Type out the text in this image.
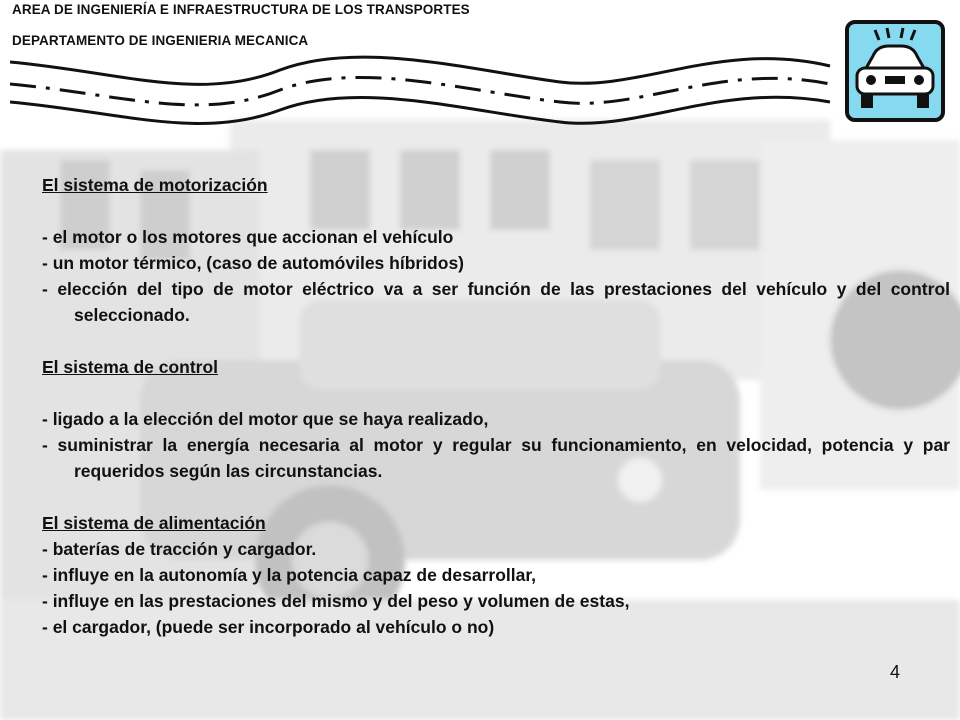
AREA DE INGENIERÍA E INFRAESTRUCTURA DE LOS TRANSPORTES
DEPARTAMENTO DE INGENIERIA MECANICA
El sistema de motorización
- el motor o los motores que accionan el vehículo
- un motor térmico, (caso de automóviles híbridos)
- elección del tipo de motor eléctrico va a ser función de las prestaciones del vehículo y del control seleccionado.
El sistema de control
- ligado a la elección del motor que se haya realizado,
- suministrar la energía necesaria al motor y regular su funcionamiento, en velocidad, potencia y par requeridos según las circunstancias.
El sistema de alimentación
- baterías de tracción y cargador.
- influye en la autonomía y la potencia capaz de desarrollar,
- influye en las prestaciones del mismo y del peso y volumen de estas,
- el cargador, (puede ser incorporado al vehículo o no)
4
